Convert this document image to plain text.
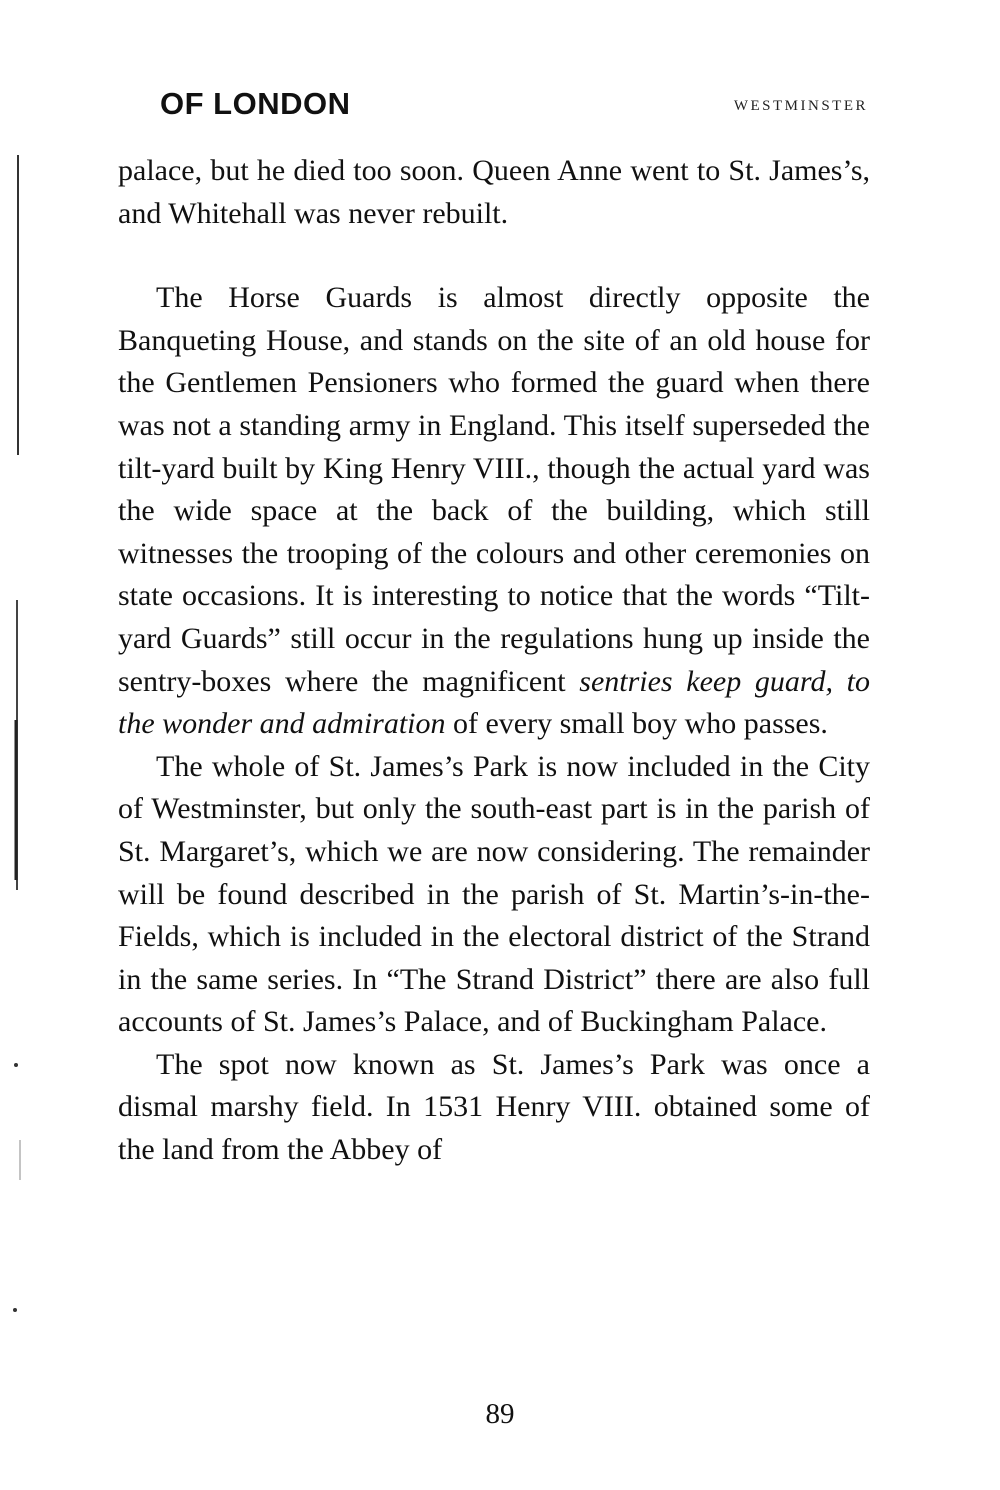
OF LONDON	WESTMINSTER

palace, but he died too soon. Queen Anne went to St. James’s, and Whitehall was never rebuilt.

The Horse Guards is almost directly opposite the Banqueting House, and stands on the site of an old house for the Gentlemen Pensioners who formed the guard when there was not a standing army in England. This itself superseded the tilt-yard built by King Henry VIII., though the actual yard was the wide space at the back of the building, which still witnesses the trooping of the colours and other ceremonies on state occasions. It is interesting to notice that the words “Tilt-yard Guards” still occur in the regulations hung up inside the sentry-boxes where the magnificent sentries keep guard, to the wonder and admiration of every small boy who passes.

The whole of St. James’s Park is now included in the City of Westminster, but only the south-east part is in the parish of St. Margaret’s, which we are now considering. The remainder will be found described in the parish of St. Martin’s-in-the-Fields, which is included in the electoral district of the Strand in the same series. In “The Strand District” there are also full accounts of St. James’s Palace, and of Buckingham Palace.

The spot now known as St. James’s Park was once a dismal marshy field. In 1531 Henry VIII. obtained some of the land from the Abbey of

89
